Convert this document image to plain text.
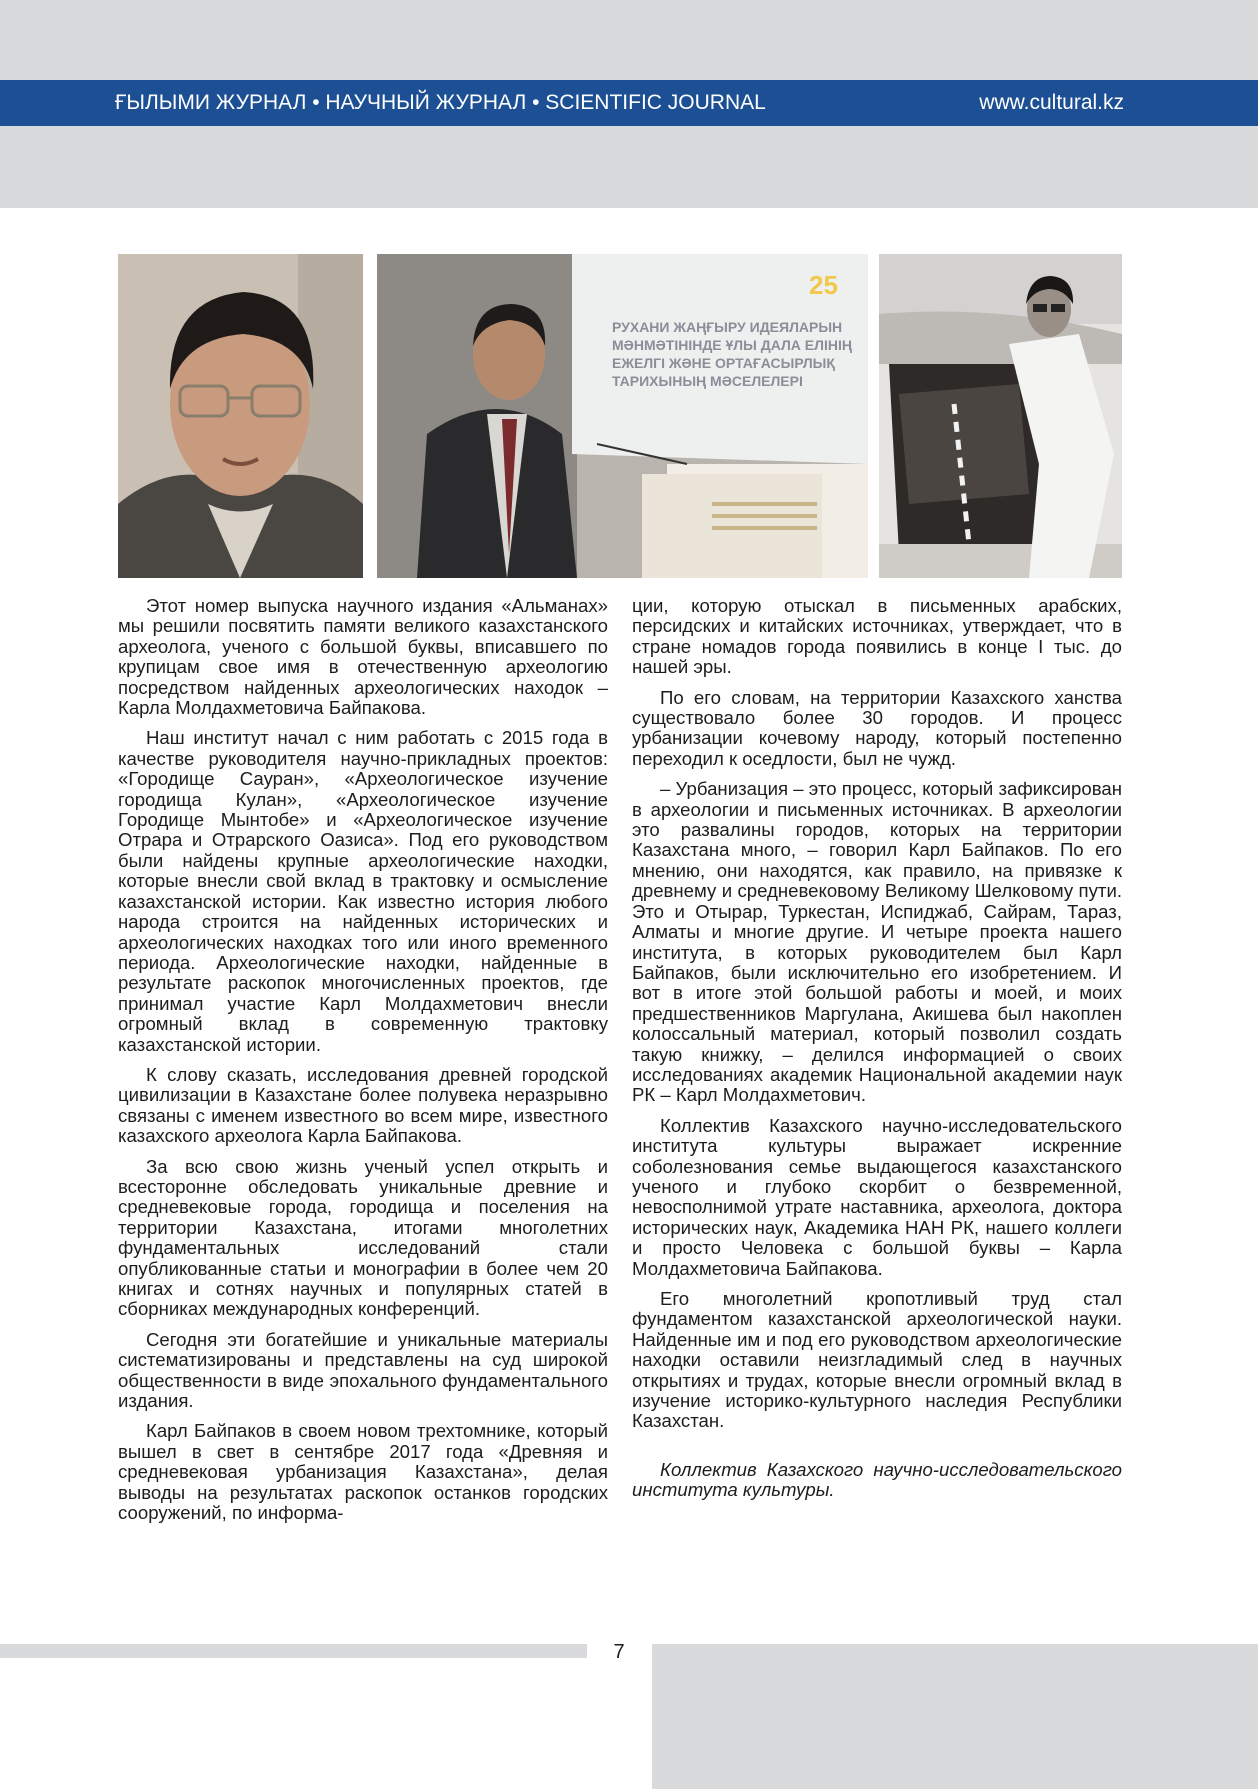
ҒЫЛЫМИ ЖУРНАЛ • НАУЧНЫЙ ЖУРНАЛ • SCIENTIFIC JOURNAL	www.cultural.kz
РУХАНИ ЖАҢҒЫРУ ИДЕЯЛАРЫН
МӘНМӘТІНІНДЕ ҰЛЫ ДАЛА ЕЛІНІҢ
ЕЖЕЛГІ ЖӘНЕ ОРТАҒАСЫРЛЫҚ
ТАРИХЫНЫҢ МӘСЕЛЕЛЕРІ
25

Этот номер выпуска научного издания «Альманах» мы решили посвятить памяти великого казахстанского археолога, ученого с большой буквы, вписавшего по крупицам свое имя в отечественную археологию посредством найденных археологических находок – Карла Молдахметовича Байпакова.

Наш институт начал с ним работать с 2015 года в качестве руководителя научно-прикладных проектов: «Городище Сауран», «Археологическое изучение городища Кулан», «Археологическое изучение Городище Мынтобе» и «Археологическое изучение Отрара и Отрарского Оазиса». Под его руководством были найдены крупные археологические находки, которые внесли свой вклад в трактовку и осмысление казахстанской истории. Как известно история любого народа строится на найденных исторических и археологических находках того или иного временного периода. Археологические находки, найденные в результате раскопок многочисленных проектов, где принимал участие Карл Молдахметович внесли огромный вклад в современную трактовку казахстанской истории.

К слову сказать, исследования древней городской цивилизации в Казахстане более полувека неразрывно связаны с именем известного во всем мире, известного казахского археолога Карла Байпакова.

За всю свою жизнь ученый успел открыть и всесторонне обследовать уникальные древние и средневековые города, городища и поселения на территории Казахстана, итогами многолетних фундаментальных исследований стали опубликованные статьи и монографии в более чем 20 книгах и сотнях научных и популярных статей в сборниках международных конференций.

Сегодня эти богатейшие и уникальные материалы систематизированы и представлены на суд широкой общественности в виде эпохального фундаментального издания.

Карл Байпаков в своем новом трехтомнике, который вышел в свет в сентябре 2017 года «Древняя и средневековая урбанизация Казахстана», делая выводы на результатах раскопок останков городских сооружений, по информа-

ции, которую отыскал в письменных арабских, персидских и китайских источниках, утверждает, что в стране номадов города появились в конце I тыс. до нашей эры.

По его словам, на территории Казахского ханства существовало более 30 городов. И процесс урбанизации кочевому народу, который постепенно переходил к оседлости, был не чужд.

– Урбанизация – это процесс, который зафиксирован в археологии и письменных источниках. В археологии это развалины городов, которых на территории Казахстана много, – говорил Карл Байпаков. По его мнению, они находятся, как правило, на привязке к древнему и средневековому Великому Шелковому пути. Это и Отырар, Туркестан, Испиджаб, Сайрам, Тараз, Алматы и многие другие. И четыре проекта нашего института, в которых руководителем был Карл Байпаков, были исключительно его изобретением. И вот в итоге этой большой работы и моей, и моих предшественников Маргулана, Акишева был накоплен колоссальный материал, который позволил создать такую книжку, – делился информацией о своих исследованиях академик Национальной академии наук РК – Карл Молдахметович.

Коллектив Казахского научно-исследовательского института культуры выражает искренние соболезнования семье выдающегося казахстанского ученого и глубоко скорбит о безвременной, невосполнимой утрате наставника, археолога, доктора исторических наук, Академика НАН РК, нашего коллеги и просто Человека с большой буквы – Карла Молдахметовича Байпакова.

Его многолетний кропотливый труд стал фундаментом казахстанской археологической науки. Найденные им и под его руководством археологические находки оставили неизгладимый след в научных открытиях и трудах, которые внесли огромный вклад в изучение историко-культурного наследия Республики Казахстан.

Коллектив Казахского научно-исследовательского института культуры.

7
